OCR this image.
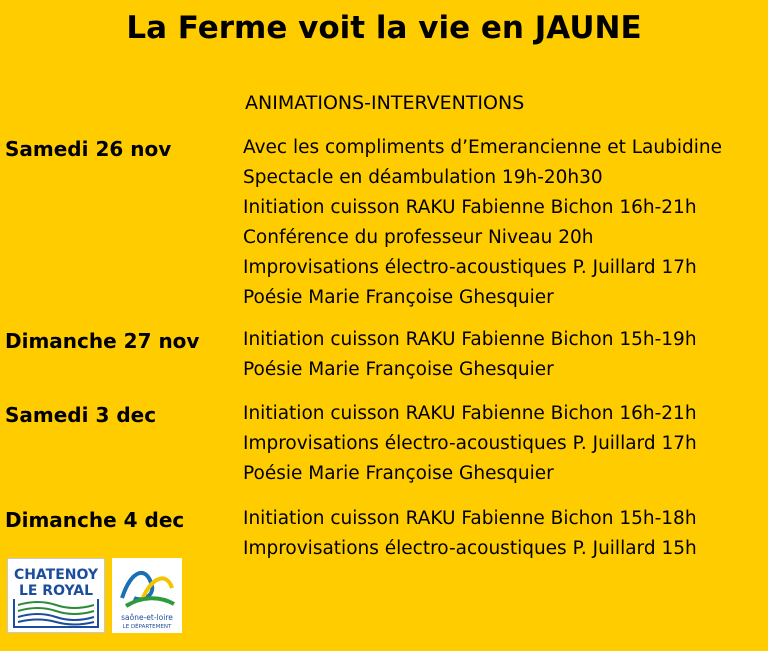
La Ferme voit la vie en JAUNE
ANIMATIONS-INTERVENTIONS
Samedi 26 nov	Avec les compliments d’Emerancienne et Laubidine
Spectacle en déambulation 19h-20h30
Initiation cuisson RAKU Fabienne Bichon 16h-21h
Conférence du professeur Niveau 20h
Improvisations électro-acoustiques P. Juillard 17h
Poésie Marie Françoise Ghesquier
Dimanche 27 nov Initiation cuisson RAKU Fabienne Bichon 15h-19h
Poésie Marie Françoise Ghesquier
Samedi 3 dec	Initiation cuisson RAKU Fabienne Bichon 16h-21h
Improvisations électro-acoustiques P. Juillard 17h
Poésie Marie Françoise Ghesquier
Dimanche 4 dec	Initiation cuisson RAKU Fabienne Bichon 15h-18h
Improvisations électro-acoustiques P. Juillard 15h
CHATENOY
LE ROYAL
saône-et-loire
LE DÉPARTEMENT
